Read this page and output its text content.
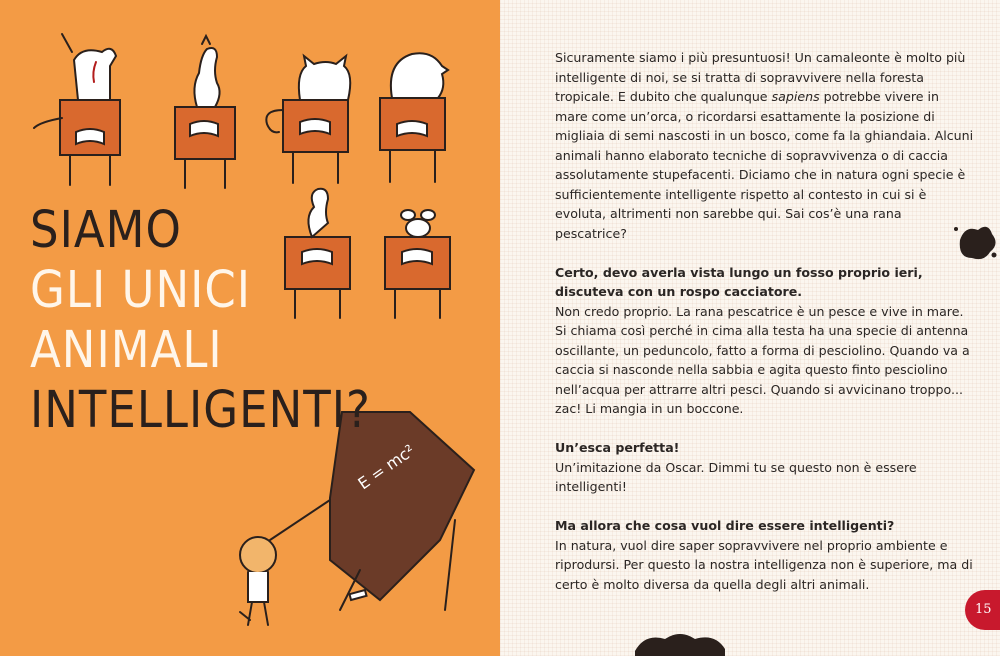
E = mc²
SIAMO
GLI UNICI
ANIMALI
INTELLIGENTI?

Sicuramente siamo i più presuntuosi! Un camaleonte è molto più intelligente di noi, se si tratta di sopravvivere nella foresta tropicale. E dubito che qualunque sapiens potrebbe vivere in mare come un’orca, o ricordarsi esattamente la posizione di migliaia di semi nascosti in un bosco, come fa la ghiandaia. Alcuni animali hanno elaborato tecniche di sopravvivenza o di caccia assolutamente stupefacenti. Diciamo che in natura ogni specie è sufficientemente intelligente rispetto al contesto in cui si è evoluta, altrimenti non sarebbe qui. Sai cos’è una rana pescatrice?

Certo, devo averla vista lungo un fosso proprio ieri, discuteva con un rospo cacciatore.
Non credo proprio. La rana pescatrice è un pesce e vive in mare. Si chiama così perché in cima alla testa ha una specie di antenna oscillante, un peduncolo, fatto a forma di pesciolino. Quando va a caccia si nasconde nella sabbia e agita questo finto pesciolino nell’acqua per attrarre altri pesci. Quando si avvicinano troppo... zac! Li mangia in un boccone.

Un’esca perfetta!
Un’imitazione da Oscar. Dimmi tu se questo non è essere intelligenti!

Ma allora che cosa vuol dire essere intelligenti?
In natura, vuol dire saper sopravvivere nel proprio ambiente e riprodursi. Per questo la nostra intelligenza non è superiore, ma di certo è molto diversa da quella degli altri animali.

15
